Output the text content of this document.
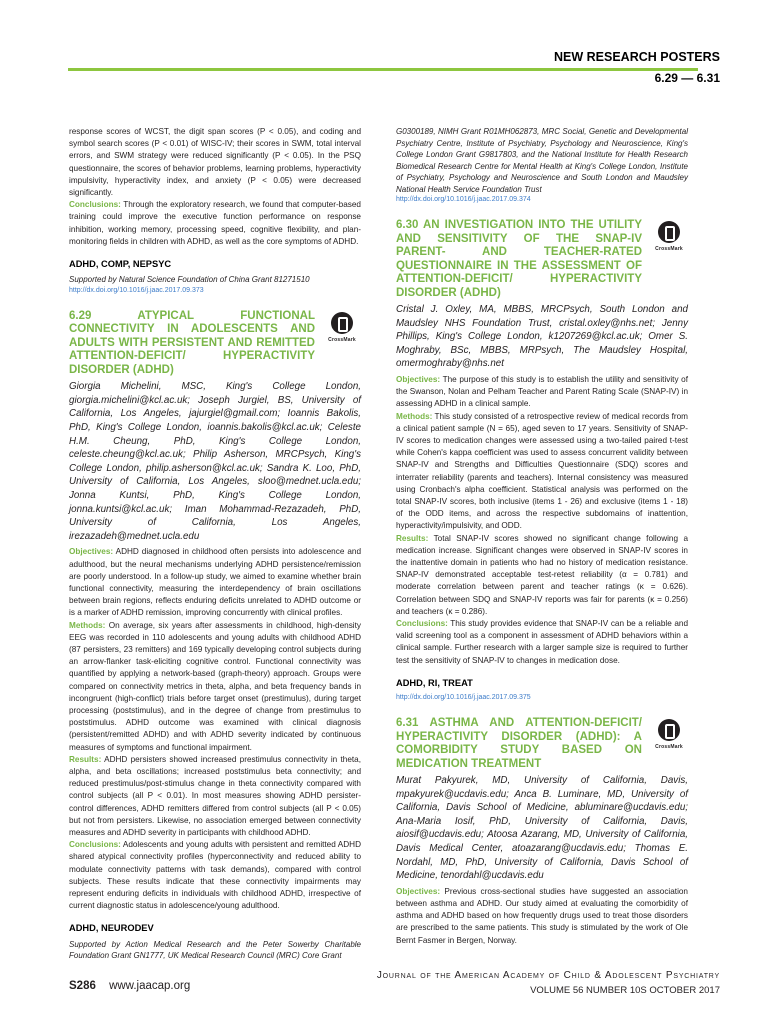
NEW RESEARCH POSTERS
6.29 — 6.31

response scores of WCST, the digit span scores (P < 0.05), and coding and symbol search scores (P < 0.01) of WISC-IV; their scores in SWM, total interval errors, and SWM strategy were reduced significantly (P < 0.05). In the PSQ questionnaire, the scores of behavior problems, learning problems, hyperactivity impulsivity, hyperactivity index, and anxiety (P < 0.05) were decreased significantly.

Conclusions: Through the exploratory research, we found that computer-based training could improve the executive function performance on response inhibition, working memory, processing speed, cognitive flexibility, and plan-monitoring fields in children with ADHD, as well as the core symptoms of ADHD.

ADHD, COMP, NEPSYC
Supported by Natural Science Foundation of China Grant 81271510
http://dx.doi.org/10.1016/j.jaac.2017.09.373
CrossMark
6.29 ATYPICAL FUNCTIONAL CONNECTIVITY IN ADOLESCENTS AND ADULTS WITH PERSISTENT AND REMITTED ATTENTION-DEFICIT/ HYPERACTIVITY DISORDER (ADHD)
Giorgia Michelini, MSC, King's College London, giorgia.michelini@kcl.ac.uk; Joseph Jurgiel, BS, University of California, Los Angeles, jajurgiel@gmail.com; Ioannis Bakolis, PhD, King's College London, ioannis.bakolis@kcl.ac.uk; Celeste H.M. Cheung, PhD, King's College London, celeste.cheung@kcl.ac.uk; Philip Asherson, MRCPsych, King's College London, philip.asherson@kcl.ac.uk; Sandra K. Loo, PhD, University of California, Los Angeles, sloo@mednet.ucla.edu; Jonna Kuntsi, PhD, King's College London, jonna.kuntsi@kcl.ac.uk; Iman Mohammad-Rezazadeh, PhD, University of California, Los Angeles, irezazadeh@mednet.ucla.edu

Objectives: ADHD diagnosed in childhood often persists into adolescence and adulthood, but the neural mechanisms underlying ADHD persistence/remission are poorly understood. In a follow-up study, we aimed to examine whether brain functional connectivity, measuring the interdependency of brain oscillations between brain regions, reflects enduring deficits unrelated to ADHD outcome or is a marker of ADHD remission, improving concurrently with clinical profiles.

Methods: On average, six years after assessments in childhood, high-density EEG was recorded in 110 adolescents and young adults with childhood ADHD (87 persisters, 23 remitters) and 169 typically developing control subjects during an arrow-flanker task-eliciting cognitive control. Functional connectivity was quantified by applying a network-based (graph-theory) approach. Groups were compared on connectivity metrics in theta, alpha, and beta frequency bands in incongruent (high-conflict) trials before target onset (prestimulus), during target processing (poststimulus), and in the degree of change from prestimulus to poststimulus. ADHD outcome was examined with clinical diagnosis (persistent/remitted ADHD) and with ADHD severity indicated by continuous measures of symptoms and functional impairment.

Results: ADHD persisters showed increased prestimulus connectivity in theta, alpha, and beta oscillations; increased poststimulus beta connectivity; and reduced prestimulus/post-stimulus change in theta connectivity compared with control subjects (all P < 0.01). In most measures showing ADHD persister-control differences, ADHD remitters differed from control subjects (all P < 0.05) but not from persisters. Likewise, no association emerged between connectivity measures and ADHD severity in participants with childhood ADHD.

Conclusions: Adolescents and young adults with persistent and remitted ADHD shared atypical connectivity profiles (hyperconnectivity and reduced ability to modulate connectivity patterns with task demands), compared with control subjects. These results indicate that these connectivity impairments may represent enduring deficits in individuals with childhood ADHD, irrespective of current diagnostic status in adolescence/young adulthood.

ADHD, NEURODEV
Supported by Action Medical Research and the Peter Sowerby Charitable Foundation Grant GN1777, UK Medical Research Council (MRC) Core Grant
G0300189, NIMH Grant R01MH062873, MRC Social, Genetic and Developmental Psychiatry Centre, Institute of Psychiatry, Psychology and Neuroscience, King's College London Grant G9817803, and the National Institute for Health Research Biomedical Research Centre for Mental Health at King's College London, Institute of Psychiatry, Psychology and Neuroscience and South London and Maudsley National Health Service Foundation Trust
http://dx.doi.org/10.1016/j.jaac.2017.09.374
CrossMark
6.30 AN INVESTIGATION INTO THE UTILITY AND SENSITIVITY OF THE SNAP-IV PARENT- AND TEACHER-RATED QUESTIONNAIRE IN THE ASSESSMENT OF ATTENTION-DEFICIT/ HYPERACTIVITY DISORDER (ADHD)
Cristal J. Oxley, MA, MBBS, MRCPsych, South London and Maudsley NHS Foundation Trust, cristal.oxley@nhs.net; Jenny Phillips, King's College London, k1207269@kcl.ac.uk; Omer S. Moghraby, BSc, MBBS, MRPsych, The Maudsley Hospital, omermoghraby@nhs.net

Objectives: The purpose of this study is to establish the utility and sensitivity of the Swanson, Nolan and Pelham Teacher and Parent Rating Scale (SNAP-IV) in assessing ADHD in a clinical sample.

Methods: This study consisted of a retrospective review of medical records from a clinical patient sample (N = 65), aged seven to 17 years. Sensitivity of SNAP-IV scores to medication changes were assessed using a two-tailed paired t-test while Cohen's kappa coefficient was used to assess concurrent validity between SNAP-IV and Strengths and Difficulties Questionnaire (SDQ) scores and interrater reliability (parents and teachers). Internal consistency was measured using Cronbach's alpha coefficient. Statistical analysis was performed on the total SNAP-IV scores, both inclusive (items 1 - 26) and exclusive (items 1 - 18) of the ODD items, and across the respective subdomains of inattention, hyperactivity/impulsivity, and ODD.

Results: Total SNAP-IV scores showed no significant change following a medication increase. Significant changes were observed in SNAP-IV scores in the inattentive domain in patients who had no history of medication resistance. SNAP-IV demonstrated acceptable test-retest reliability (α = 0.781) and moderate correlation between parent and teacher ratings (κ = 0.626). Correlation between SDQ and SNAP-IV reports was fair for parents (κ = 0.256) and teachers (κ = 0.286).

Conclusions: This study provides evidence that SNAP-IV can be a reliable and valid screening tool as a component in assessment of ADHD behaviors within a clinical sample. Further research with a larger sample size is required to further test the sensitivity of SNAP-IV to changes in medication dose.

ADHD, RI, TREAT
http://dx.doi.org/10.1016/j.jaac.2017.09.375
CrossMark
6.31 ASTHMA AND ATTENTION-DEFICIT/ HYPERACTIVITY DISORDER (ADHD): A COMORBIDITY STUDY BASED ON MEDICATION TREATMENT
Murat Pakyurek, MD, University of California, Davis, mpakyurek@ucdavis.edu; Anca B. Luminare, MD, University of California, Davis School of Medicine, abluminare@ucdavis.edu; Ana-Maria Iosif, PhD, University of California, Davis, aiosif@ucdavis.edu; Atoosa Azarang, MD, University of California, Davis Medical Center, atoazarang@ucdavis.edu; Thomas E. Nordahl, MD, PhD, University of California, Davis School of Medicine, tenordahl@ucdavis.edu

Objectives: Previous cross-sectional studies have suggested an association between asthma and ADHD. Our study aimed at evaluating the comorbidity of asthma and ADHD based on how frequently drugs used to treat those disorders are prescribed to the same patients. This study is stimulated by the work of Ole Bernt Fasmer in Bergen, Norway.

S286 www.jaacap.org
Journal of the American Academy of Child & Adolescent Psychiatry
VOLUME 56 NUMBER 10S OCTOBER 2017
